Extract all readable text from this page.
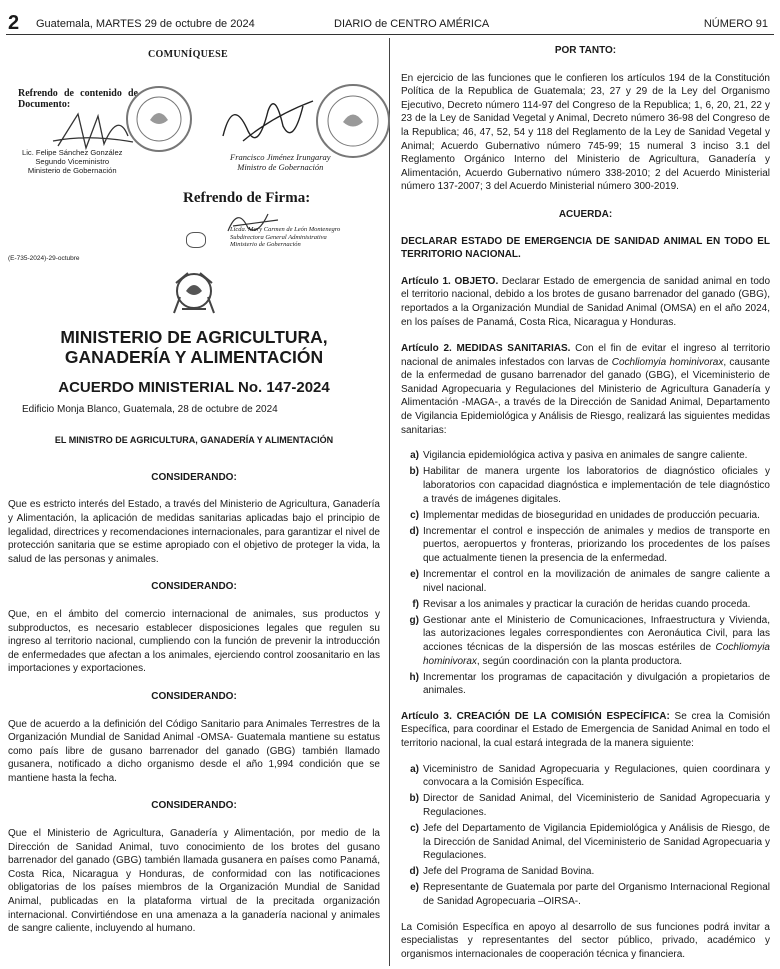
2 Guatemala, MARTES 29 de octubre de 2024	DIARIO de CENTRO AMÉRICA	NÚMERO 91
COMUNÍQUESE
Refrendo de contenido de Documento:
Lic. Felipe Sánchez González
Segundo Viceministro
Ministerio de Gobernación
Francisco Jiménez Irungaray
Ministro de Gobernación
Refrendo de Firma:
Licda. Mary Carmen de León Montenegro
Subdirectora General Administrativa
Ministerio de Gobernación
(E-735-2024)-29-octubre
MINISTERIO DE AGRICULTURA,
GANADERÍA Y ALIMENTACIÓN
ACUERDO MINISTERIAL No. 147-2024

Edificio Monja Blanco, Guatemala, 28 de octubre de 2024

EL MINISTRO DE AGRICULTURA, GANADERÍA Y ALIMENTACIÓN

CONSIDERANDO:

Que es estricto interés del Estado, a través del Ministerio de Agricultura, Ganadería y Alimentación, la aplicación de medidas sanitarias aplicadas bajo el principio de legalidad, directrices y recomendaciones internacionales, para garantizar el nivel de protección sanitaria que se estime apropiado con el objetivo de proteger la vida, la salud de las personas y animales.

CONSIDERANDO:

Que, en el ámbito del comercio internacional de animales, sus productos y subproductos, es necesario establecer disposiciones legales que regulen su ingreso al territorio nacional, cumpliendo con la función de prevenir la introducción de enfermedades que afectan a los animales, ejerciendo control zoosanitario en las importaciones y exportaciones.

CONSIDERANDO:

Que de acuerdo a la definición del Código Sanitario para Animales Terrestres de la Organización Mundial de Sanidad Animal -OMSA- Guatemala mantiene su estatus como país libre de gusano barrenador del ganado (GBG) también llamado gusanera, notificado a dicho organismo desde el año 1,994 condición que se mantiene hasta la fecha.

CONSIDERANDO:

Que el Ministerio de Agricultura, Ganadería y Alimentación, por medio de la Dirección de Sanidad Animal, tuvo conocimiento de los brotes del gusano barrenador del ganado (GBG) también llamada gusanera en países como Panamá, Costa Rica, Nicaragua y Honduras, de conformidad con las notificaciones obligatorias de los países miembros de la Organización Mundial de Sanidad Animal, publicadas en la plataforma virtual de la precitada organización internacional. Convirtiéndose en una amenaza a la ganadería nacional y animales de sangre caliente, incluyendo al humano.

POR TANTO:

En ejercicio de las funciones que le confieren los artículos 194 de la Constitución Política de la Republica de Guatemala; 23, 27 y 29 de la Ley del Organismo Ejecutivo, Decreto número 114-97 del Congreso de la Republica; 1, 6, 20, 21, 22 y 23 de la Ley de Sanidad Vegetal y Animal, Decreto número 36-98 del Congreso de la Republica; 46, 47, 52, 54 y 118 del Reglamento de la Ley de Sanidad Vegetal y Animal; Acuerdo Gubernativo número 745-99; 15 numeral 3 inciso 3.1 del Reglamento Orgánico Interno del Ministerio de Agricultura, Ganadería y Alimentación, Acuerdo Gubernativo número 338-2010; 2 del Acuerdo Ministerial número 137-2007; 3 del Acuerdo Ministerial número 300-2019.

ACUERDA:

DECLARAR ESTADO DE EMERGENCIA DE SANIDAD ANIMAL EN TODO EL TERRITORIO NACIONAL.

Artículo 1. OBJETO. Declarar Estado de emergencia de sanidad animal en todo el territorio nacional, debido a los brotes de gusano barrenador del ganado (GBG), reportados a la Organización Mundial de Sanidad Animal (OMSA) en el año 2024, en los países de Panamá, Costa Rica, Nicaragua y Honduras.

Artículo 2. MEDIDAS SANITARIAS. Con el fin de evitar el ingreso al territorio nacional de animales infestados con larvas de Cochliomyia hominivorax, causante de la enfermedad de gusano barrenador del ganado (GBG), el Viceministerio de Sanidad Agropecuaria y Regulaciones del Ministerio de Agricultura Ganadería y Alimentación -MAGA-, a través de la Dirección de Sanidad Animal, Departamento de Vigilancia Epidemiológica y Análisis de Riesgo, realizará las siguientes medidas sanitarias:

a) Vigilancia epidemiológica activa y pasiva en animales de sangre caliente.
b) Habilitar de manera urgente los laboratorios de diagnóstico oficiales y laboratorios con capacidad diagnóstica e implementación de tele diagnóstico a través de imágenes digitales.
c) Implementar medidas de bioseguridad en unidades de producción pecuaria.
d) Incrementar el control e inspección de animales y medios de transporte en puertos, aeropuertos y fronteras, priorizando los procedentes de los países que actualmente tienen la presencia de la enfermedad.
e) Incrementar el control en la movilización de animales de sangre caliente a nivel nacional.
f) Revisar a los animales y practicar la curación de heridas cuando proceda.
g) Gestionar ante el Ministerio de Comunicaciones, Infraestructura y Vivienda, las autorizaciones legales correspondientes con Aeronáutica Civil, para las acciones técnicas de la dispersión de las moscas estériles de Cochliomyia hominivorax, según coordinación con la planta productora.
h) Incrementar los programas de capacitación y divulgación a propietarios de animales.

Artículo 3. CREACIÓN DE LA COMISIÓN ESPECÍFICA: Se crea la Comisión Específica, para coordinar el Estado de Emergencia de Sanidad Animal en todo el territorio nacional, la cual estará integrada de la manera siguiente:

a) Viceministro de Sanidad Agropecuaria y Regulaciones, quien coordinara y convocara a la Comisión Específica.
b) Director de Sanidad Animal, del Viceministerio de Sanidad Agropecuaria y Regulaciones.
c) Jefe del Departamento de Vigilancia Epidemiológica y Análisis de Riesgo, de la Dirección de Sanidad Animal, del Viceministerio de Sanidad Agropecuaria y Regulaciones.
d) Jefe del Programa de Sanidad Bovina.
e) Representante de Guatemala por parte del Organismo Internacional Regional de Sanidad Agropecuaria –OIRSA-.

La Comisión Específica en apoyo al desarrollo de sus funciones podrá invitar a especialistas y representantes del sector público, privado, académico y organismos internacionales de cooperación técnica y financiera.
